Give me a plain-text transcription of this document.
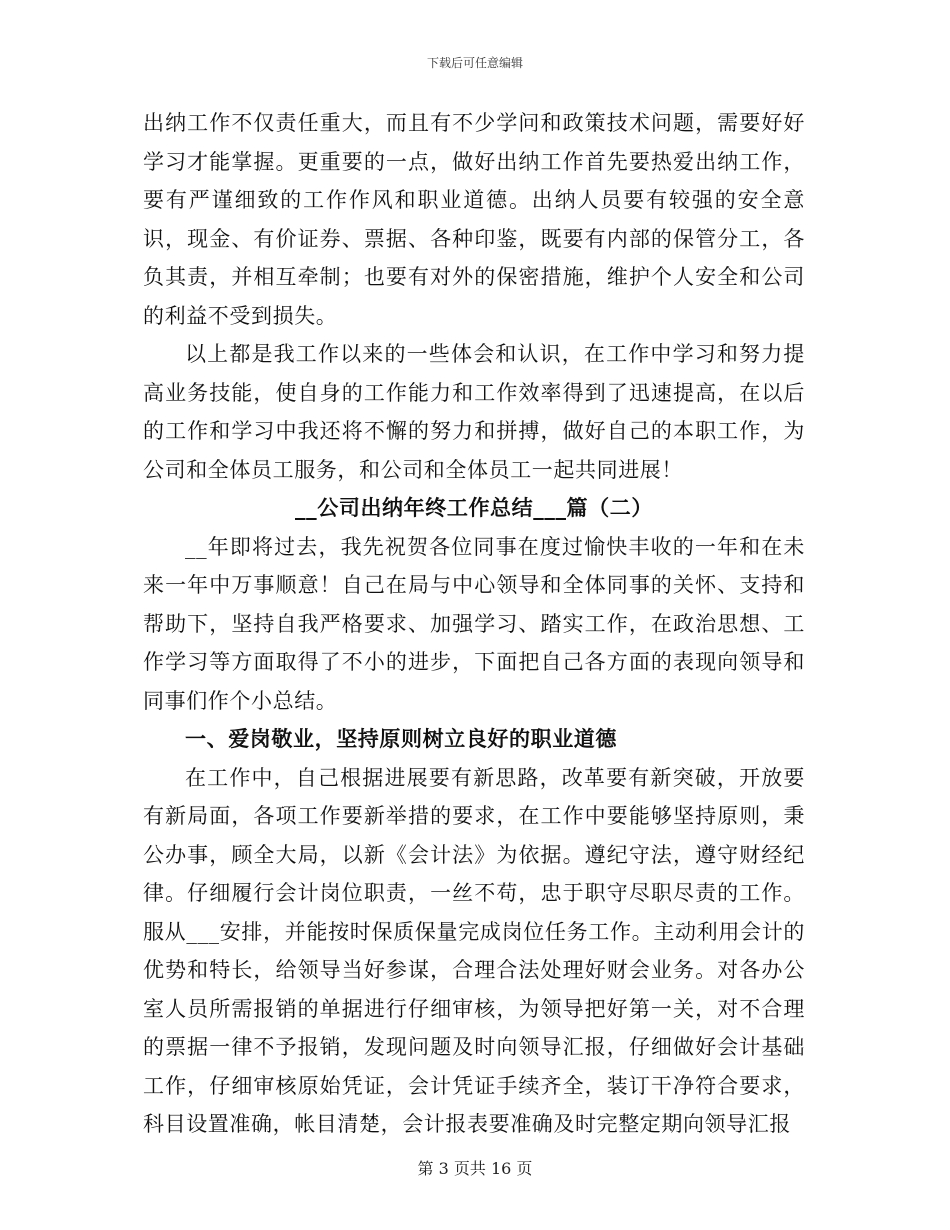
下载后可任意编辑

出纳工作不仅责任重大，而且有不少学问和政策技术问题，需要好好学习才能掌握。更重要的一点，做好出纳工作首先要热爱出纳工作，要有严谨细致的工作作风和职业道德。出纳人员要有较强的安全意识，现金、有价证券、票据、各种印鉴，既要有内部的保管分工，各负其责，并相互牵制；也要有对外的保密措施，维护个人安全和公司的利益不受到损失。

以上都是我工作以来的一些体会和认识，在工作中学习和努力提高业务技能，使自身的工作能力和工作效率得到了迅速提高，在以后的工作和学习中我还将不懈的努力和拼搏，做好自己的本职工作，为公司和全体员工服务，和公司和全体员工一起共同进展！

__公司出纳年终工作总结___篇（二）

__年即将过去，我先祝贺各位同事在度过愉快丰收的一年和在未来一年中万事顺意！自己在局与中心领导和全体同事的关怀、支持和帮助下，坚持自我严格要求、加强学习、踏实工作，在政治思想、工作学习等方面取得了不小的进步，下面把自己各方面的表现向领导和同事们作个小总结。

一、爱岗敬业，坚持原则树立良好的职业道德

在工作中，自己根据进展要有新思路，改革要有新突破，开放要有新局面，各项工作要新举措的要求，在工作中要能够坚持原则，秉公办事，顾全大局，以新《会计法》为依据。遵纪守法，遵守财经纪律。仔细履行会计岗位职责，一丝不苟，忠于职守尽职尽责的工作。服从___安排，并能按时保质保量完成岗位任务工作。主动利用会计的优势和特长，给领导当好参谋，合理合法处理好财会业务。对各办公室人员所需报销的单据进行仔细审核，为领导把好第一关，对不合理的票据一律不予报销，发现问题及时向领导汇报，仔细做好会计基础工作，仔细审核原始凭证，会计凭证手续齐全，装订干净符合要求，科目设置准确，帐目清楚，会计报表要准确及时完整定期向领导汇报

第 3 页共 16 页
